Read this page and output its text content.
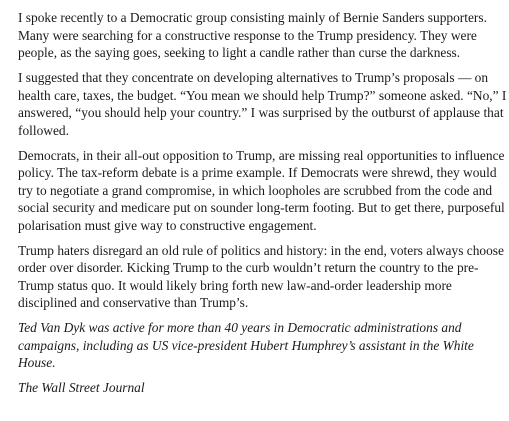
I spoke recently to a Democratic group consisting mainly of Bernie Sanders supporters. Many were searching for a constructive response to the Trump presidency. They were people, as the saying goes, seeking to light a candle rather than curse the darkness.

I suggested that they concentrate on developing alternatives to Trump’s proposals — on health care, taxes, the budget. “You mean we should help Trump?” someone asked. “No,” I answered, “you should help your country.” I was surprised by the outburst of applause that followed.

Democrats, in their all-out opposition to Trump, are missing real opportunities to influence policy. The tax-reform debate is a prime example. If Democrats were shrewd, they would try to negotiate a grand compromise, in which loopholes are scrubbed from the code and social security and medicare put on sounder long-term footing. But to get there, purposeful polarisation must give way to constructive engagement.

Trump haters disregard an old rule of politics and history: in the end, voters always choose order over disorder. Kicking Trump to the curb wouldn’t return the country to the pre-Trump status quo. It would likely bring forth new law-and-order leadership more disciplined and conservative than Trump’s.

Ted Van Dyk was active for more than 40 years in Democratic administrations and campaigns, including as US vice-president Hubert Humphrey’s assistant in the White House.

The Wall Street Journal
